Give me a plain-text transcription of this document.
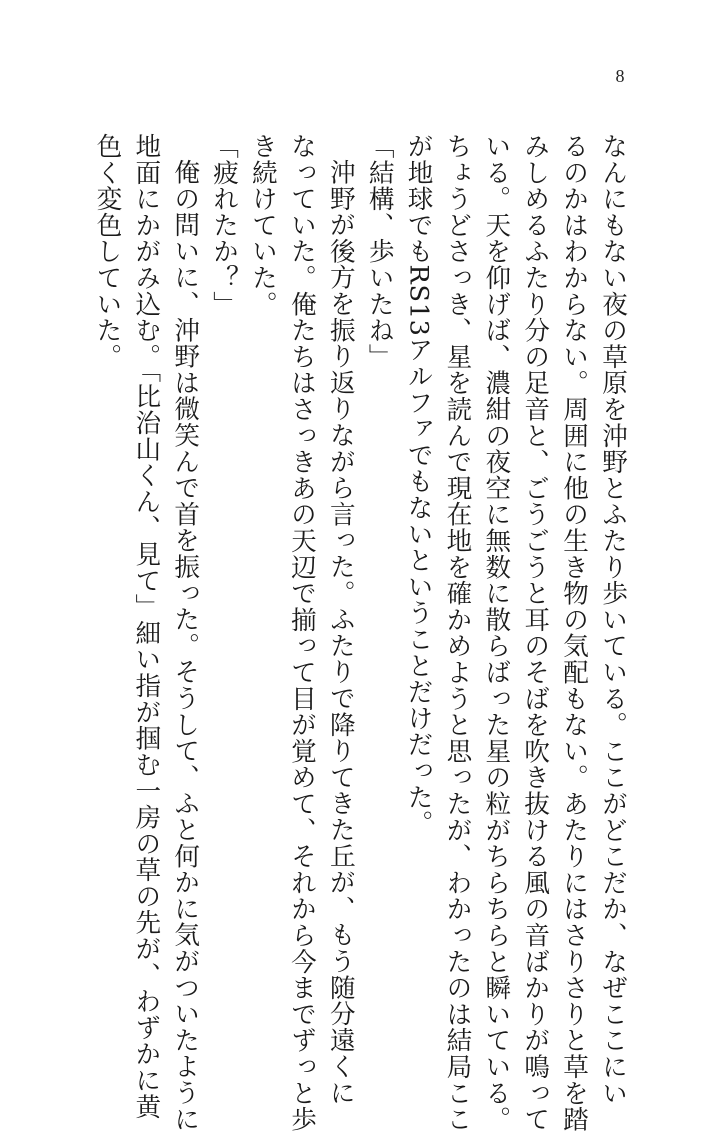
8

なんにもない夜の草原を沖野とふたり歩いている。ここがどこだか、なぜここにい

るのかはわからない。周囲に他の生き物の気配もない。あたりにはさりさりと草を踏

みしめるふたり分の足音と、ごうごうと耳のそばを吹き抜ける風の音ばかりが鳴って

いる。天を仰げば、濃紺の夜空に無数に散らばった星の粒がちらちらと瞬いている。

ちょうどさっき、星を読んで現在地を確かめようと思ったが、わかったのは結局ここ

が地球でもRS13アルファでもないということだけだった。

「結構、歩いたね」

沖野が後方を振り返りながら言った。ふたりで降りてきた丘が、もう随分遠くに

なっていた。俺たちはさっきあの天辺で揃って目が覚めて、それから今までずっと歩

き続けていた。

「疲れたか？」

俺の問いに、沖野は微笑んで首を振った。そうして、ふと何かに気がついたように

地面にかがみ込む。「比治山くん、見て」細い指が掴む一房の草の先が、わずかに黄

色く変色していた。
